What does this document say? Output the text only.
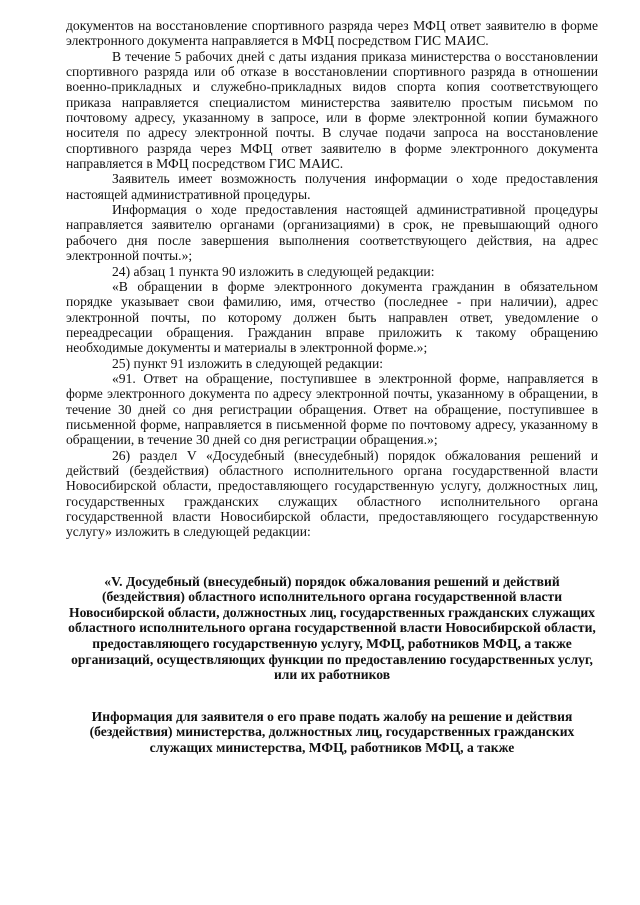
документов на восстановление спортивного разряда через МФЦ ответ заявителю в форме электронного документа направляется в МФЦ посредством ГИС МАИС.

В течение 5 рабочих дней с даты издания приказа министерства о восстановлении спортивного разряда или об отказе в восстановлении спортивного разряда в отношении военно-прикладных и служебно-прикладных видов спорта копия соответствующего приказа направляется специалистом министерства заявителю простым письмом по почтовому адресу, указанному в запросе, или в форме электронной копии бумажного носителя по адресу электронной почты. В случае подачи запроса на восстановление спортивного разряда через МФЦ ответ заявителю в форме электронного документа направляется в МФЦ посредством ГИС МАИС.

Заявитель имеет возможность получения информации о ходе предоставления настоящей административной процедуры.

Информация о ходе предоставления настоящей административной процедуры направляется заявителю органами (организациями) в срок, не превышающий одного рабочего дня после завершения выполнения соответствующего действия, на адрес электронной почты.»;

24) абзац 1 пункта 90 изложить в следующей редакции:

«В обращении в форме электронного документа гражданин в обязательном порядке указывает свои фамилию, имя, отчество (последнее - при наличии), адрес электронной почты, по которому должен быть направлен ответ, уведомление о переадресации обращения. Гражданин вправе приложить к такому обращению необходимые документы и материалы в электронной форме.»;

25) пункт 91 изложить в следующей редакции:

«91. Ответ на обращение, поступившее в электронной форме, направляется в форме электронного документа по адресу электронной почты, указанному в обращении, в течение 30 дней со дня регистрации обращения. Ответ на обращение, поступившее в письменной форме, направляется в письменной форме по почтовому адресу, указанному в обращении, в течение 30 дней со дня регистрации обращения.»;

26) раздел V «Досудебный (внесудебный) порядок обжалования решений и действий (бездействия) областного исполнительного органа государственной власти Новосибирской области, предоставляющего государственную услугу, должностных лиц, государственных гражданских служащих областного исполнительного органа государственной власти Новосибирской области, предоставляющего государственную услугу» изложить в следующей редакции:

«V. Досудебный (внесудебный) порядок обжалования решений и действий (бездействия) областного исполнительного органа государственной власти Новосибирской области, должностных лиц, государственных гражданских служащих областного исполнительного органа государственной власти Новосибирской области, предоставляющего государственную услугу, МФЦ, работников МФЦ, а также организаций, осуществляющих функции по предоставлению государственных услуг, или их работников

Информация для заявителя о его праве подать жалобу на решение и действия (бездействия) министерства, должностных лиц, государственных гражданских служащих министерства, МФЦ, работников МФЦ, а также
